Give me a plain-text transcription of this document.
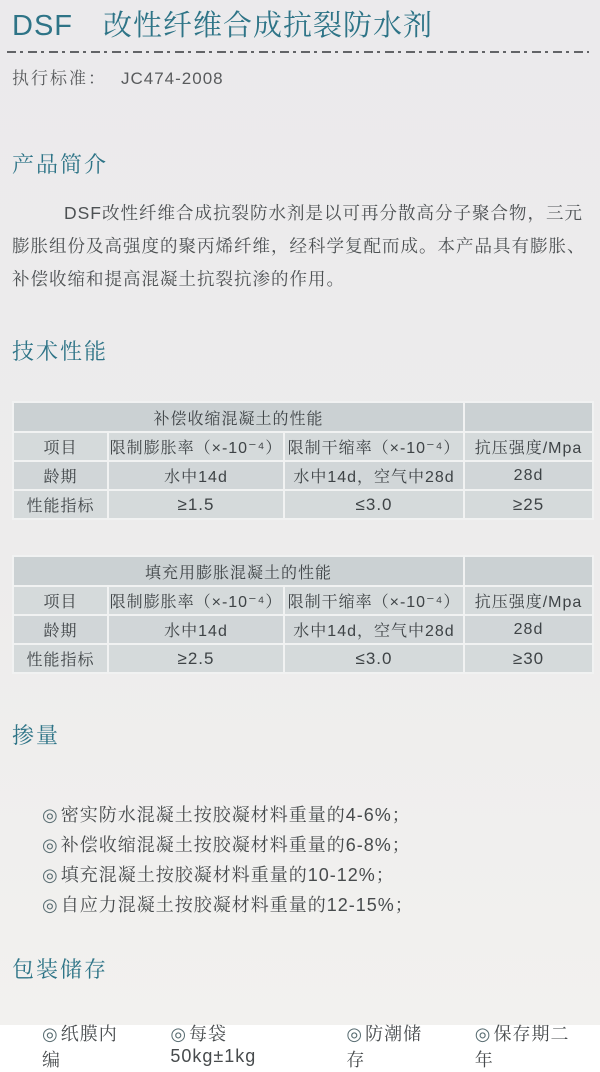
DSF　改性纤维合成抗裂防水剂
执行标准： JC474-2008
产品简介

DSF改性纤维合成抗裂防水剂是以可再分散高分子聚合物，三元膨胀组份及高强度的聚丙烯纤维，经科学复配而成。本产品具有膨胀、补偿收缩和提高混凝土抗裂抗渗的作用。

技术性能
补偿收缩混凝土的性能			
项目	限制膨胀率（×-10⁻⁴）	限制干缩率（×-10⁻⁴）	抗压强度/Mpa
龄期	水中14d	水中14d，空气中28d	28d
性能指标	≥1.5	≤3.0	≥25
填充用膨胀混凝土的性能			
项目	限制膨胀率（×-10⁻⁴）	限制干缩率（×-10⁻⁴）	抗压强度/Mpa
龄期	水中14d	水中14d，空气中28d	28d
性能指标	≥2.5	≤3.0	≥30
掺量
◎ 密实防水混凝土按胶凝材料重量的4-6%；
◎ 补偿收缩混凝土按胶凝材料重量的6-8%；
◎ 填充混凝土按胶凝材料重量的10-12%；
◎ 自应力混凝土按胶凝材料重量的12-15%；
包装储存
◎ 纸膜内编
◎ 每袋50kg±1kg
◎ 防潮储存
◎ 保存期二年
